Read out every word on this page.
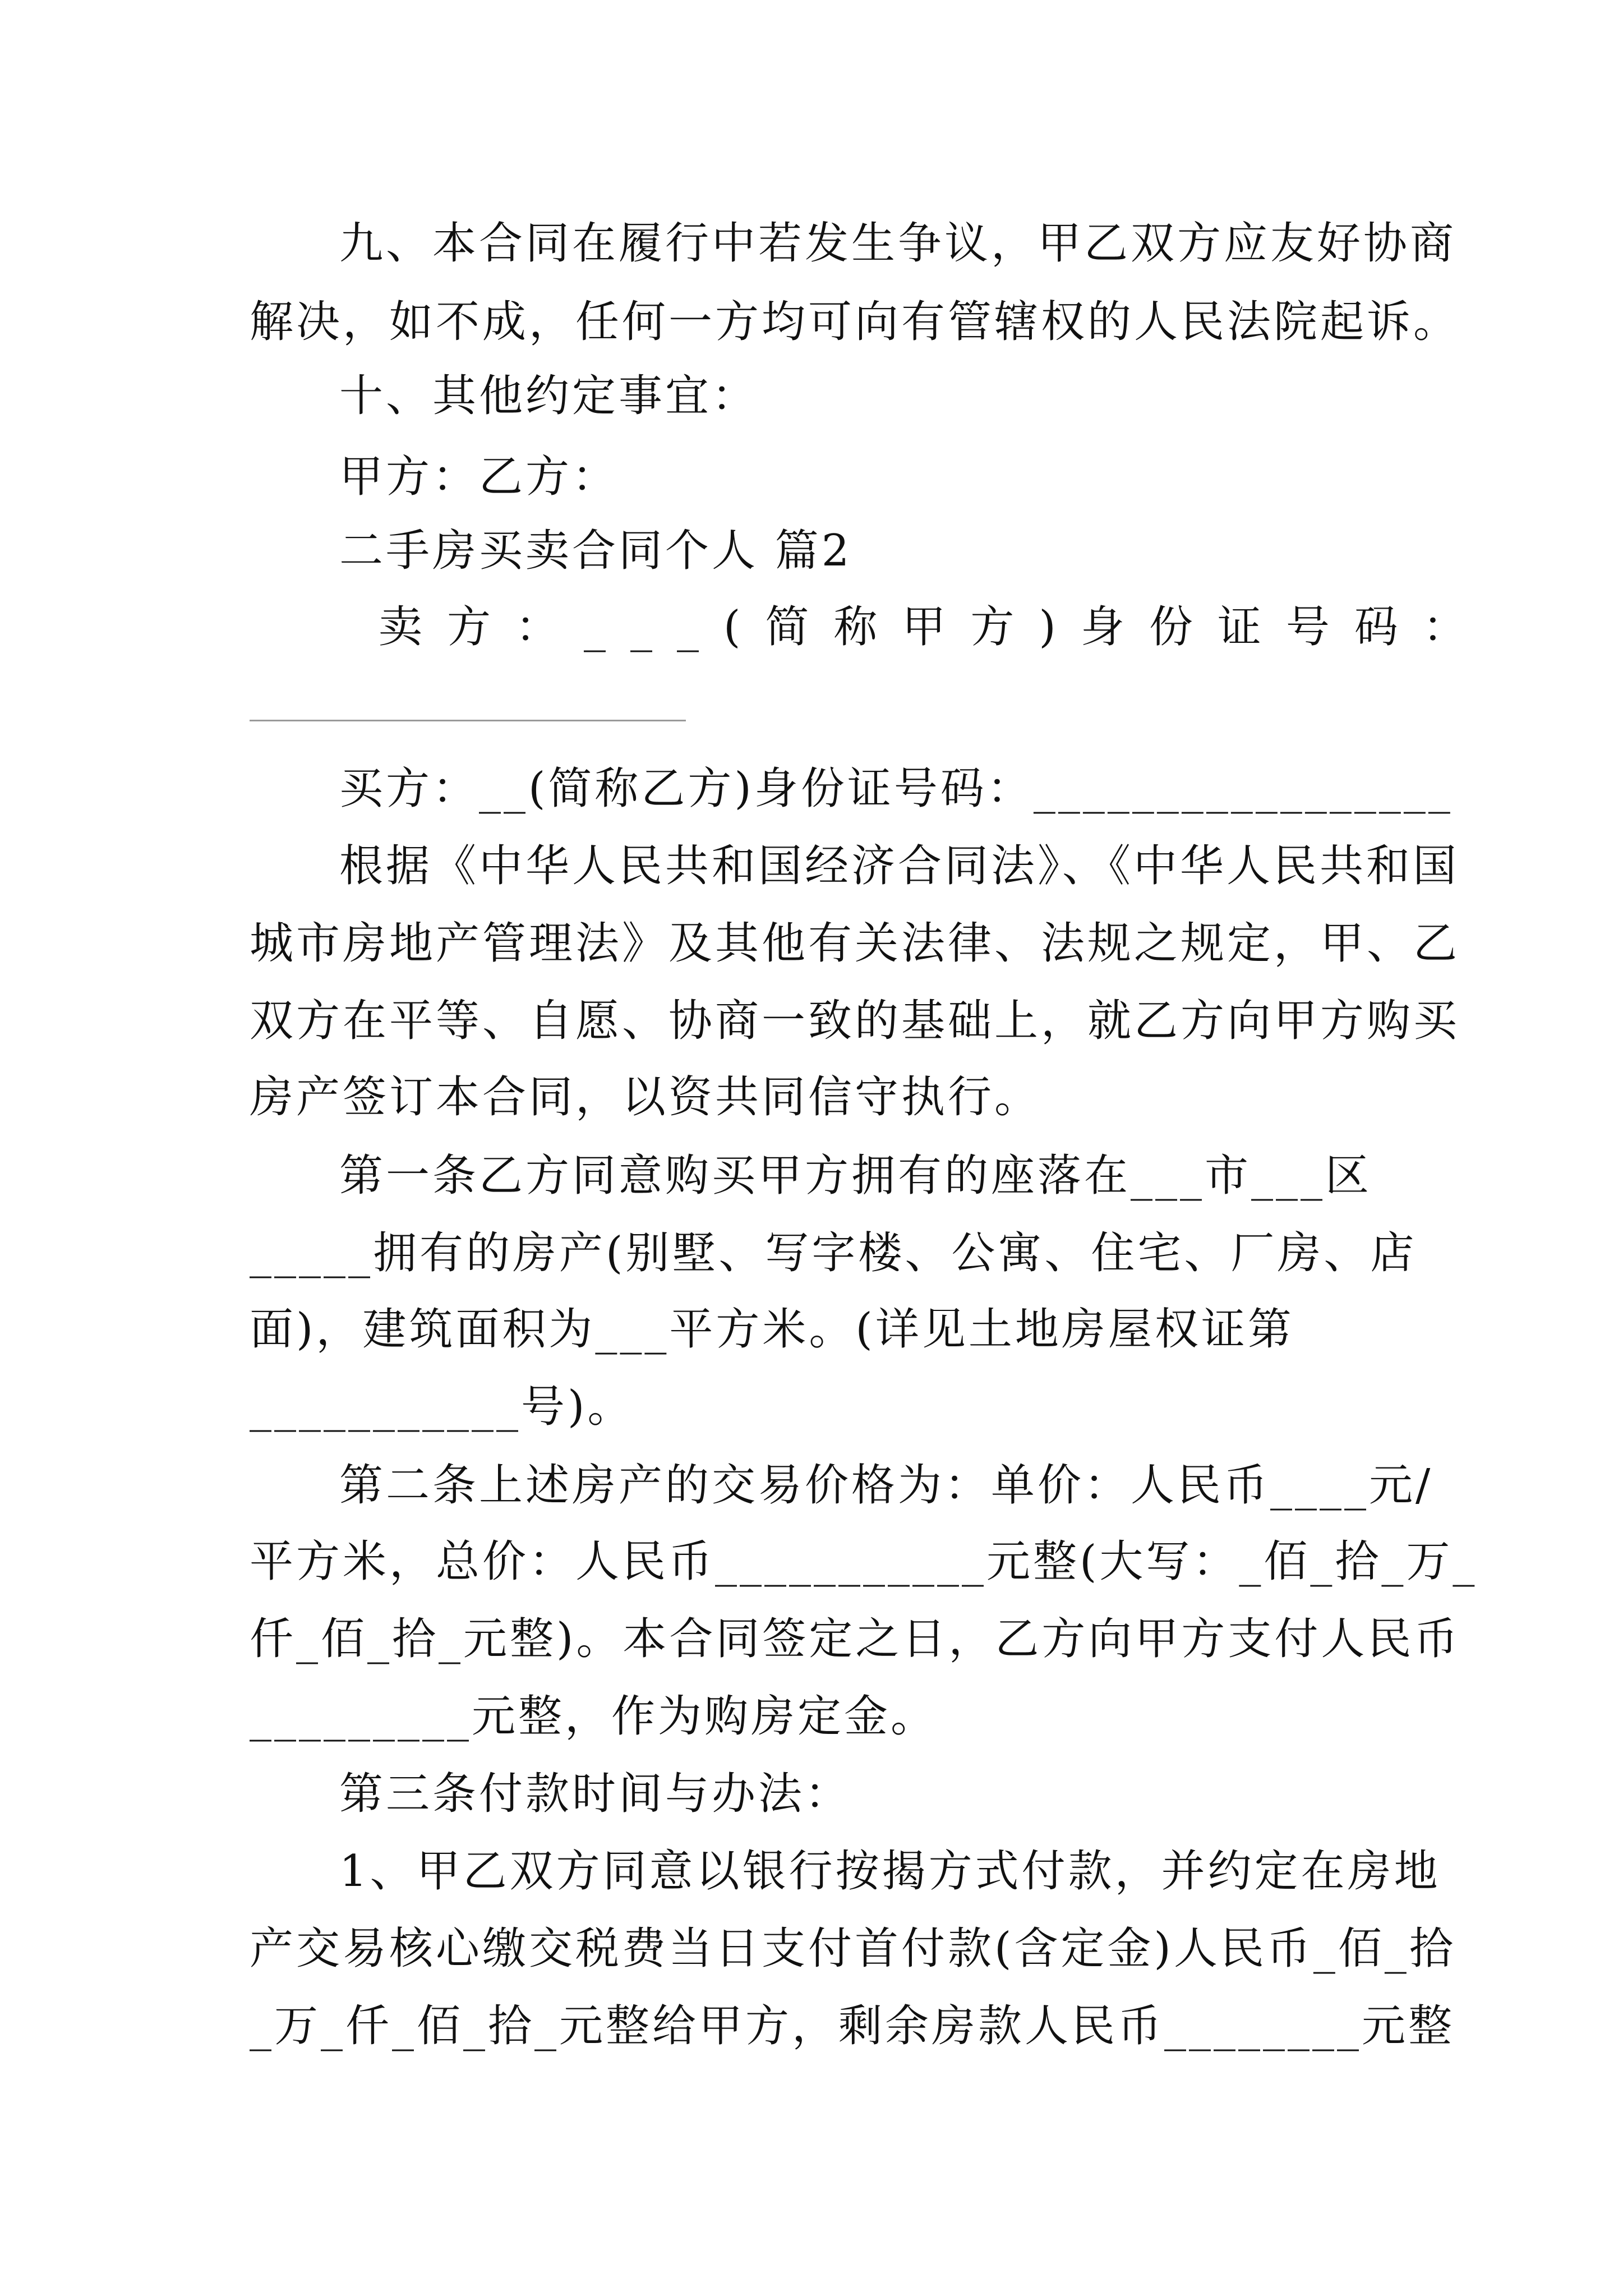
九、本合同在履行中若发生争议，甲乙双方应友好协商
解决，如不成，任何一方均可向有管辖权的人民法院起诉。
十、其他约定事宜：
甲方：乙方：
二手房买卖合同个人 篇2
卖方：___(简称甲方)身份证号码：
买方：__(简称乙方)身份证号码：_________________
根据《中华人民共和国经济合同法》、《中华人民共和国
城市房地产管理法》及其他有关法律、法规之规定，甲、乙
双方在平等、自愿、协商一致的基础上，就乙方向甲方购买
房产签订本合同，以资共同信守执行。
第一条乙方同意购买甲方拥有的座落在___市___区
_____拥有的房产(别墅、写字楼、公寓、住宅、厂房、店
面)，建筑面积为___平方米。(详见土地房屋权证第
___________号)。
第二条上述房产的交易价格为：单价：人民币____元/
平方米，总价：人民币___________元整(大写：_佰_拾_万_
仟_佰_拾_元整)。本合同签定之日，乙方向甲方支付人民币
_________元整，作为购房定金。
第三条付款时间与办法：
1、甲乙双方同意以银行按揭方式付款，并约定在房地
产交易核心缴交税费当日支付首付款(含定金)人民币_佰_拾
_万_仟_佰_拾_元整给甲方，剩余房款人民币________元整
